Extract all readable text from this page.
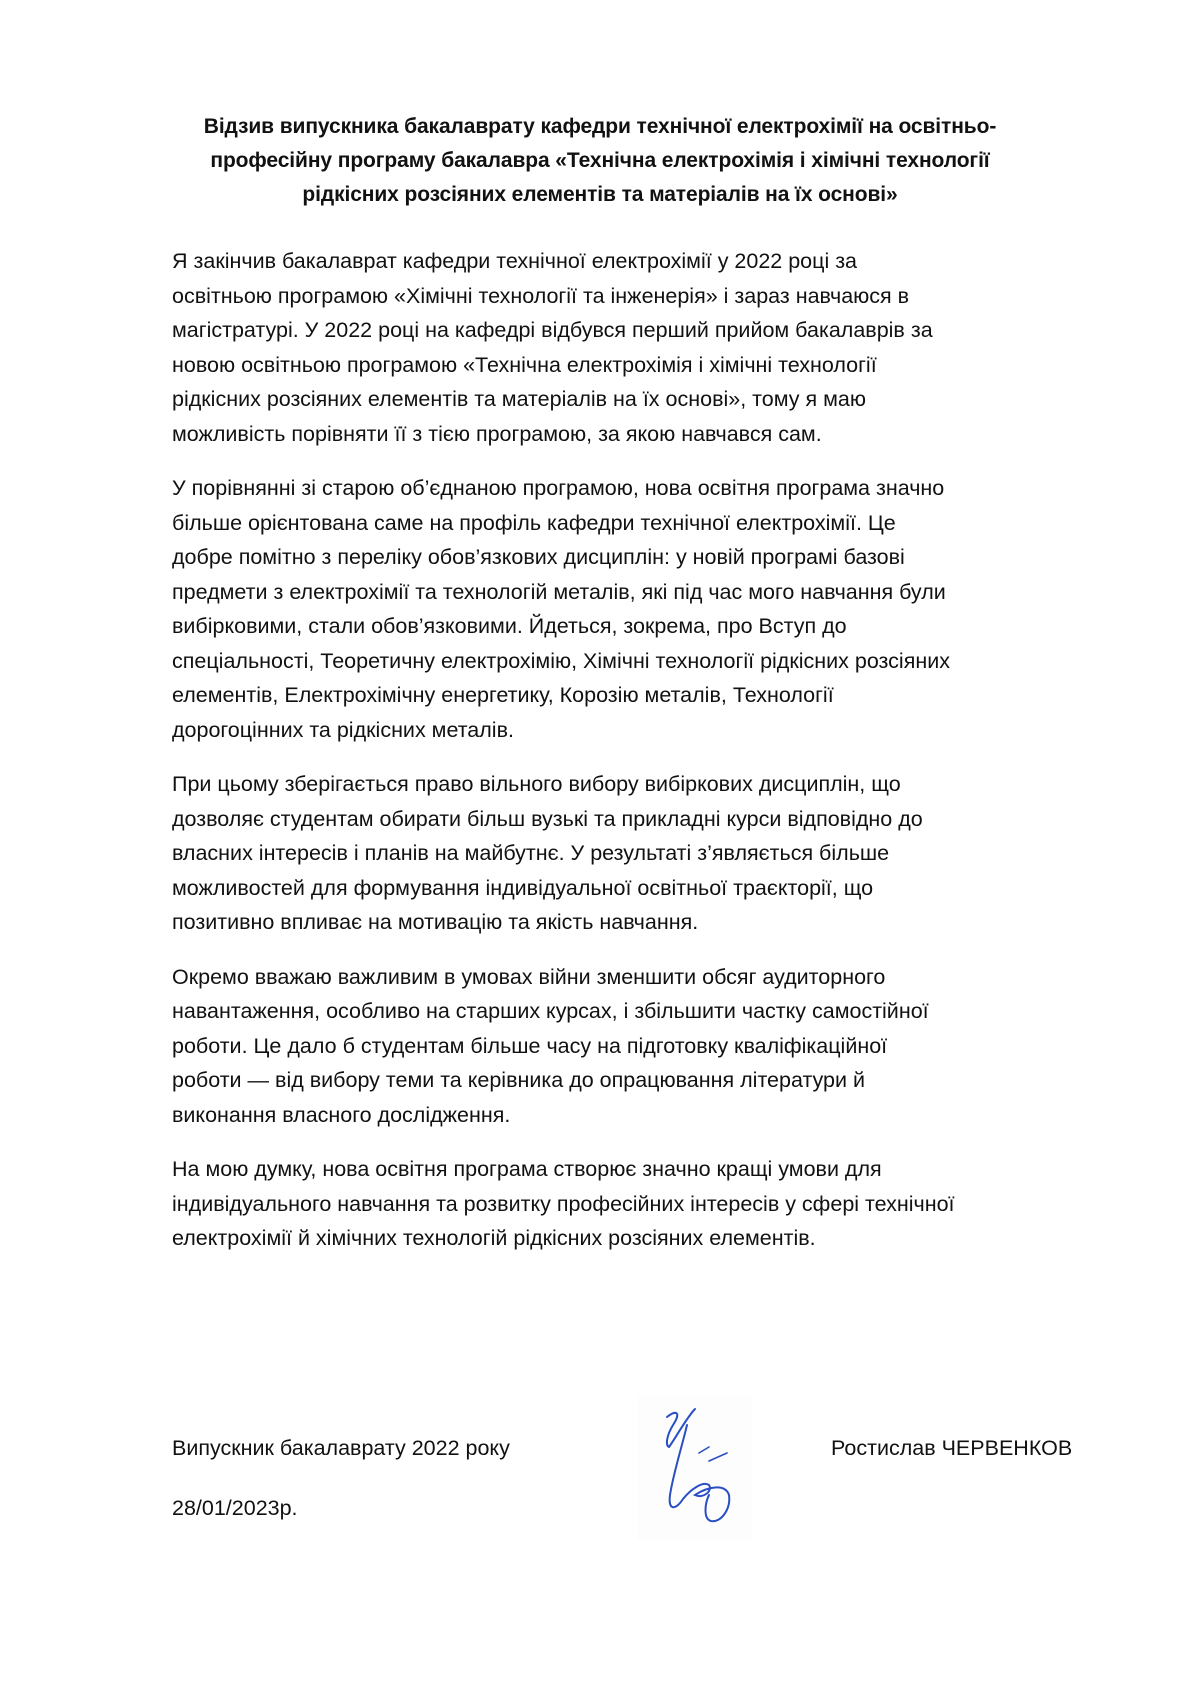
Відзив випускника бакалаврату кафедри технічної електрохімії на освітньо-
професійну програму бакалавра «Технічна електрохімія і хімічні технології
рідкісних розсіяних елементів та матеріалів на їх основі»

Я закінчив бакалаврат кафедри технічної електрохімії у 2022 році за
освітньою програмою «Хімічні технології та інженерія» і зараз навчаюся в
магістратурі. У 2022 році на кафедрі відбувся перший прийом бакалаврів за
новою освітньою програмою «Технічна електрохімія і хімічні технології
рідкісних розсіяних елементів та матеріалів на їх основі», тому я маю
можливість порівняти її з тією програмою, за якою навчався сам.

У порівнянні зі старою об’єднаною програмою, нова освітня програма значно
більше орієнтована саме на профіль кафедри технічної електрохімії. Це
добре помітно з переліку обов’язкових дисциплін: у новій програмі базові
предмети з електрохімії та технологій металів, які під час мого навчання були
вибірковими, стали обов’язковими. Йдеться, зокрема, про Вступ до
спеціальності, Теоретичну електрохімію, Хімічні технології рідкісних розсіяних
елементів, Електрохімічну енергетику, Корозію металів, Технології
дорогоцінних та рідкісних металів.

При цьому зберігається право вільного вибору вибіркових дисциплін, що
дозволяє студентам обирати більш вузькі та прикладні курси відповідно до
власних інтересів і планів на майбутнє. У результаті з’являється більше
можливостей для формування індивідуальної освітньої траєкторії, що
позитивно впливає на мотивацію та якість навчання.

Окремо вважаю важливим в умовах війни зменшити обсяг аудиторного
навантаження, особливо на старших курсах, і збільшити частку самостійної
роботи. Це дало б студентам більше часу на підготовку кваліфікаційної
роботи — від вибору теми та керівника до опрацювання літератури й
виконання власного дослідження.

На мою думку, нова освітня програма створює значно кращі умови для
індивідуального навчання та розвитку професійних інтересів у сфері технічної
електрохімії й хімічних технологій рідкісних розсіяних елементів.

Випускник бакалаврату 2022 року
28/01/2023р.
Ростислав ЧЕРВЕНКОВ
